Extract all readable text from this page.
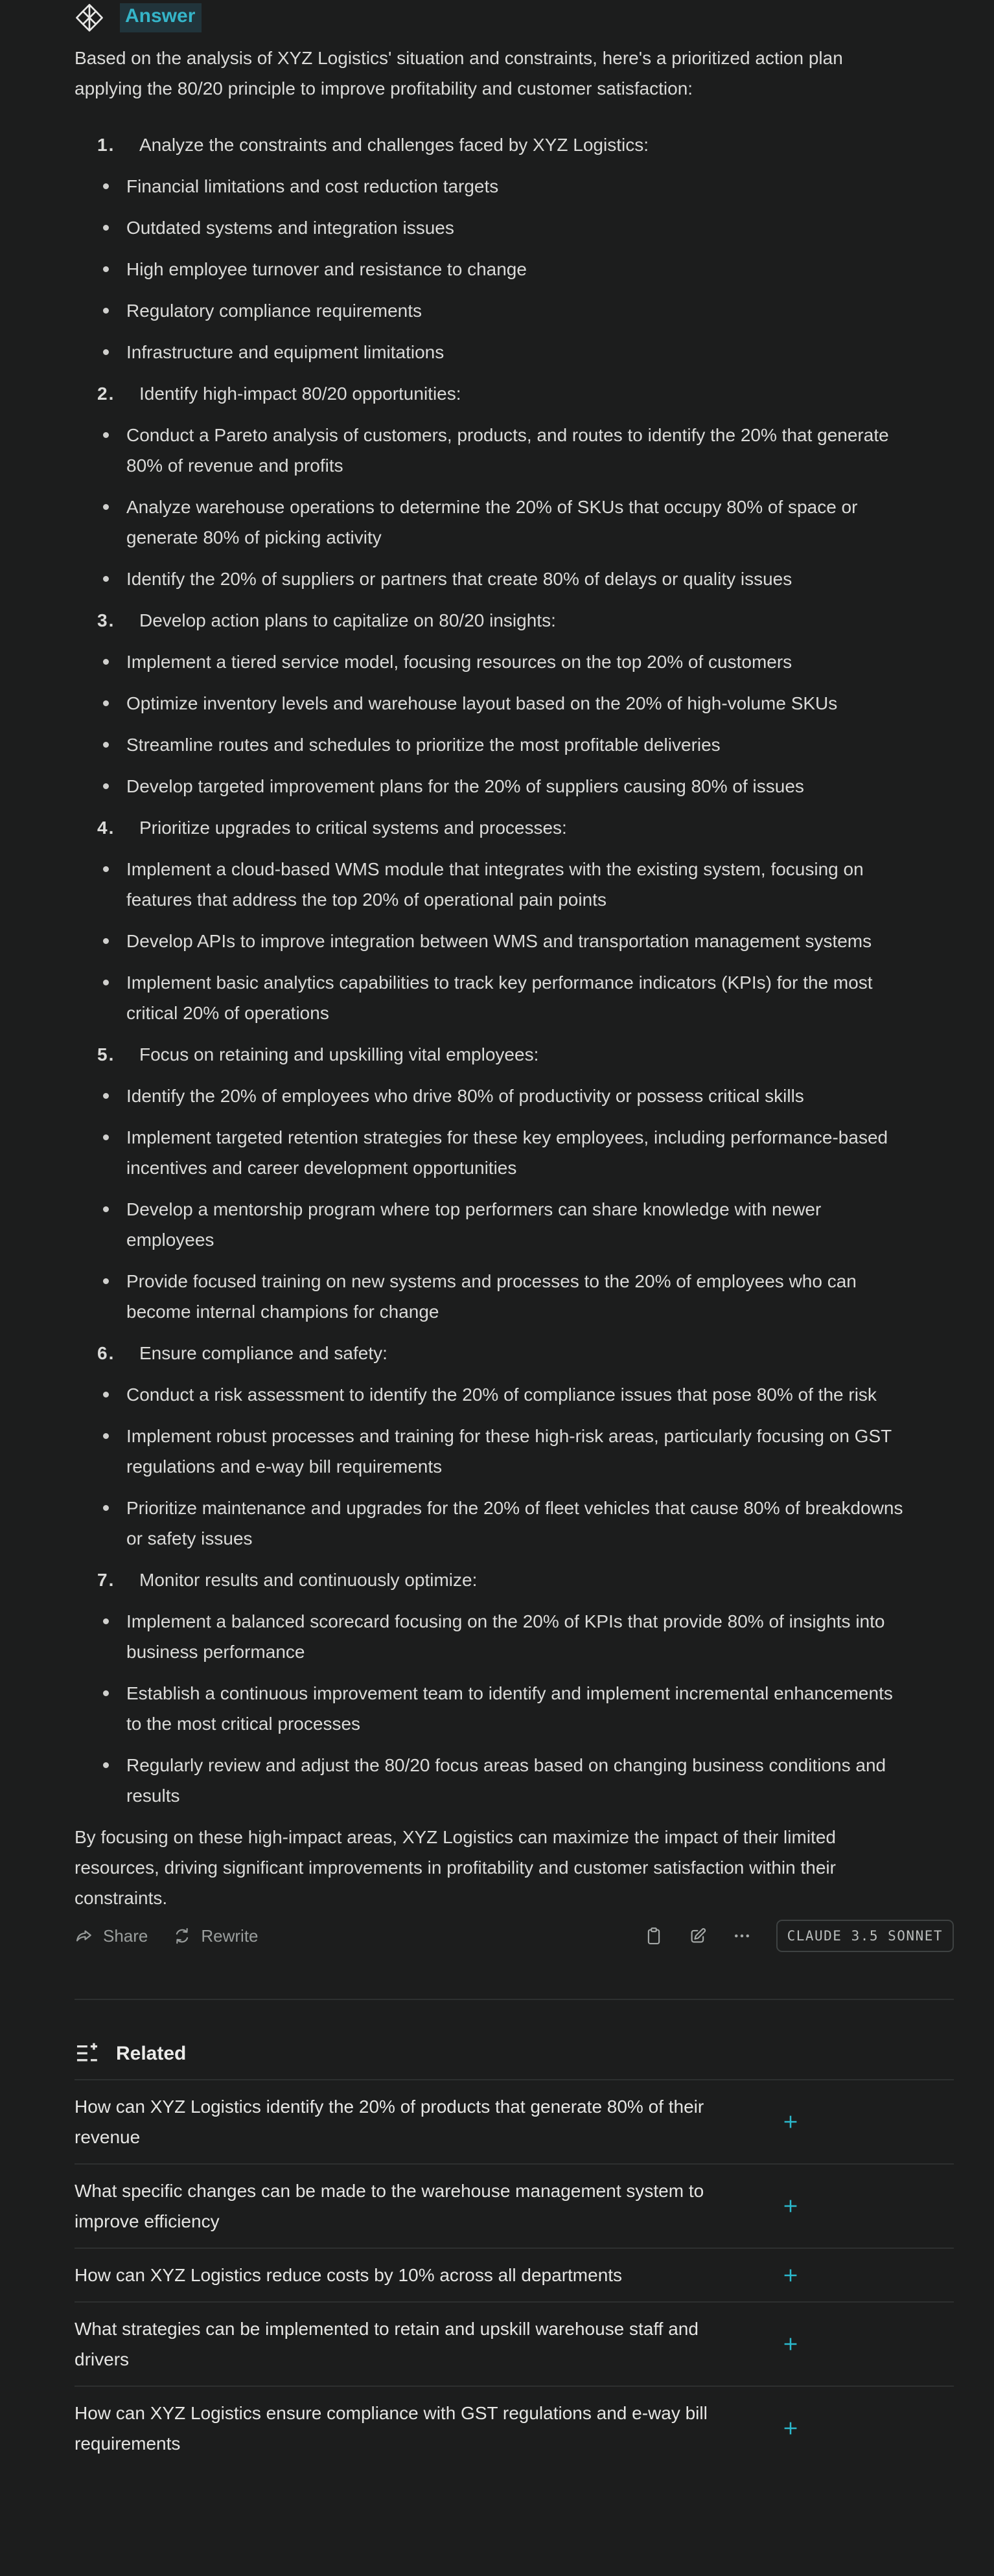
Answer

Based on the analysis of XYZ Logistics' situation and constraints, here's a prioritized action plan applying the 80/20 principle to improve profitability and customer satisfaction:

1. Analyze the constraints and challenges faced by XYZ Logistics:
Financial limitations and cost reduction targets
Outdated systems and integration issues
High employee turnover and resistance to change
Regulatory compliance requirements
Infrastructure and equipment limitations
2. Identify high-impact 80/20 opportunities:
Conduct a Pareto analysis of customers, products, and routes to identify the 20% that generate 80% of revenue and profits
Analyze warehouse operations to determine the 20% of SKUs that occupy 80% of space or generate 80% of picking activity
Identify the 20% of suppliers or partners that create 80% of delays or quality issues
3. Develop action plans to capitalize on 80/20 insights:
Implement a tiered service model, focusing resources on the top 20% of customers
Optimize inventory levels and warehouse layout based on the 20% of high-volume SKUs
Streamline routes and schedules to prioritize the most profitable deliveries
Develop targeted improvement plans for the 20% of suppliers causing 80% of issues
4. Prioritize upgrades to critical systems and processes:
Implement a cloud-based WMS module that integrates with the existing system, focusing on features that address the top 20% of operational pain points
Develop APIs to improve integration between WMS and transportation management systems
Implement basic analytics capabilities to track key performance indicators (KPIs) for the most critical 20% of operations
5. Focus on retaining and upskilling vital employees:
Identify the 20% of employees who drive 80% of productivity or possess critical skills
Implement targeted retention strategies for these key employees, including performance-based incentives and career development opportunities
Develop a mentorship program where top performers can share knowledge with newer employees
Provide focused training on new systems and processes to the 20% of employees who can become internal champions for change
6. Ensure compliance and safety:
Conduct a risk assessment to identify the 20% of compliance issues that pose 80% of the risk
Implement robust processes and training for these high-risk areas, particularly focusing on GST regulations and e-way bill requirements
Prioritize maintenance and upgrades for the 20% of fleet vehicles that cause 80% of breakdowns or safety issues
7. Monitor results and continuously optimize:
Implement a balanced scorecard focusing on the 20% of KPIs that provide 80% of insights into business performance
Establish a continuous improvement team to identify and implement incremental enhancements to the most critical processes
Regularly review and adjust the 80/20 focus areas based on changing business conditions and results

By focusing on these high-impact areas, XYZ Logistics can maximize the impact of their limited resources, driving significant improvements in profitability and customer satisfaction within their constraints.

Share	Rewrite	CLAUDE 3.5 SONNET
Related
How can XYZ Logistics identify the 20% of products that generate 80% of their revenue
What specific changes can be made to the warehouse management system to improve efficiency
How can XYZ Logistics reduce costs by 10% across all departments
What strategies can be implemented to retain and upskill warehouse staff and drivers
How can XYZ Logistics ensure compliance with GST regulations and e-way bill requirements
